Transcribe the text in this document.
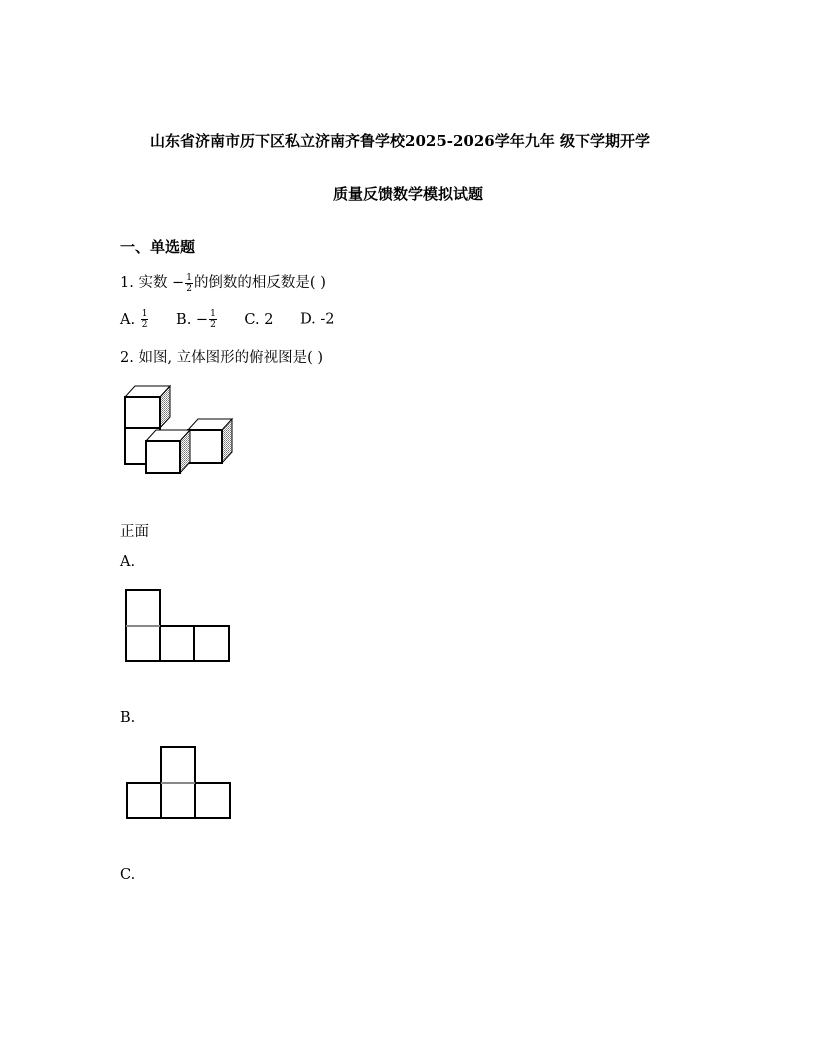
山东省济南市历下区私立济南齐鲁学校2025-2026学年九年 级下学期开学
质量反馈数学模拟试题
一、单选题
1. 实数 − $\frac{1}{2}$ 的倒数的相反数是( )
A. $\frac{1}{2} B$. − $\frac{1}{2} C$. 2 D. -2
2. 如图, 立体图形的俯视图是( )
正面
A.
B.
C.
